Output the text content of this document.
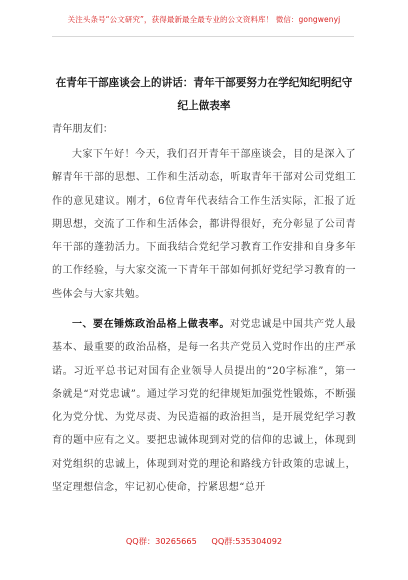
关注头条号“公文研究”，获得最新最全最专业的公文资料库！ 微信：gongwenyj
在青年干部座谈会上的讲话：青年干部要努力在学纪知纪明纪守纪上做表率
青年朋友们：

大家下午好！今天，我们召开青年干部座谈会，目的是深入了解青年干部的思想、工作和生活动态，听取青年干部对公司党组工作的意见建议。刚才，6位青年代表结合工作生活实际，汇报了近期思想，交流了工作和生活体会，都讲得很好，充分彰显了公司青年干部的蓬勃活力。下面我结合党纪学习教育工作安排和自身多年的工作经验，与大家交流一下青年干部如何抓好党纪学习教育的一些体会与大家共勉。

一、要在锤炼政治品格上做表率。对党忠诚是中国共产党人最基本、最重要的政治品格，是每一名共产党员入党时作出的庄严承诺。习近平总书记对国有企业领导人员提出的“20字标准”，第一条就是“对党忠诚”。通过学习党的纪律规矩加强党性锻炼，不断强化为党分忧、为党尽责、为民造福的政治担当，是开展党纪学习教育的题中应有之义。要把忠诚体现到对党的信仰的忠诚上，体现到对党组织的忠诚上，体现到对党的理论和路线方针政策的忠诚上，坚定理想信念，牢记初心使命，拧紧思想“总开

QQ群：30265665 QQ群:535304092
